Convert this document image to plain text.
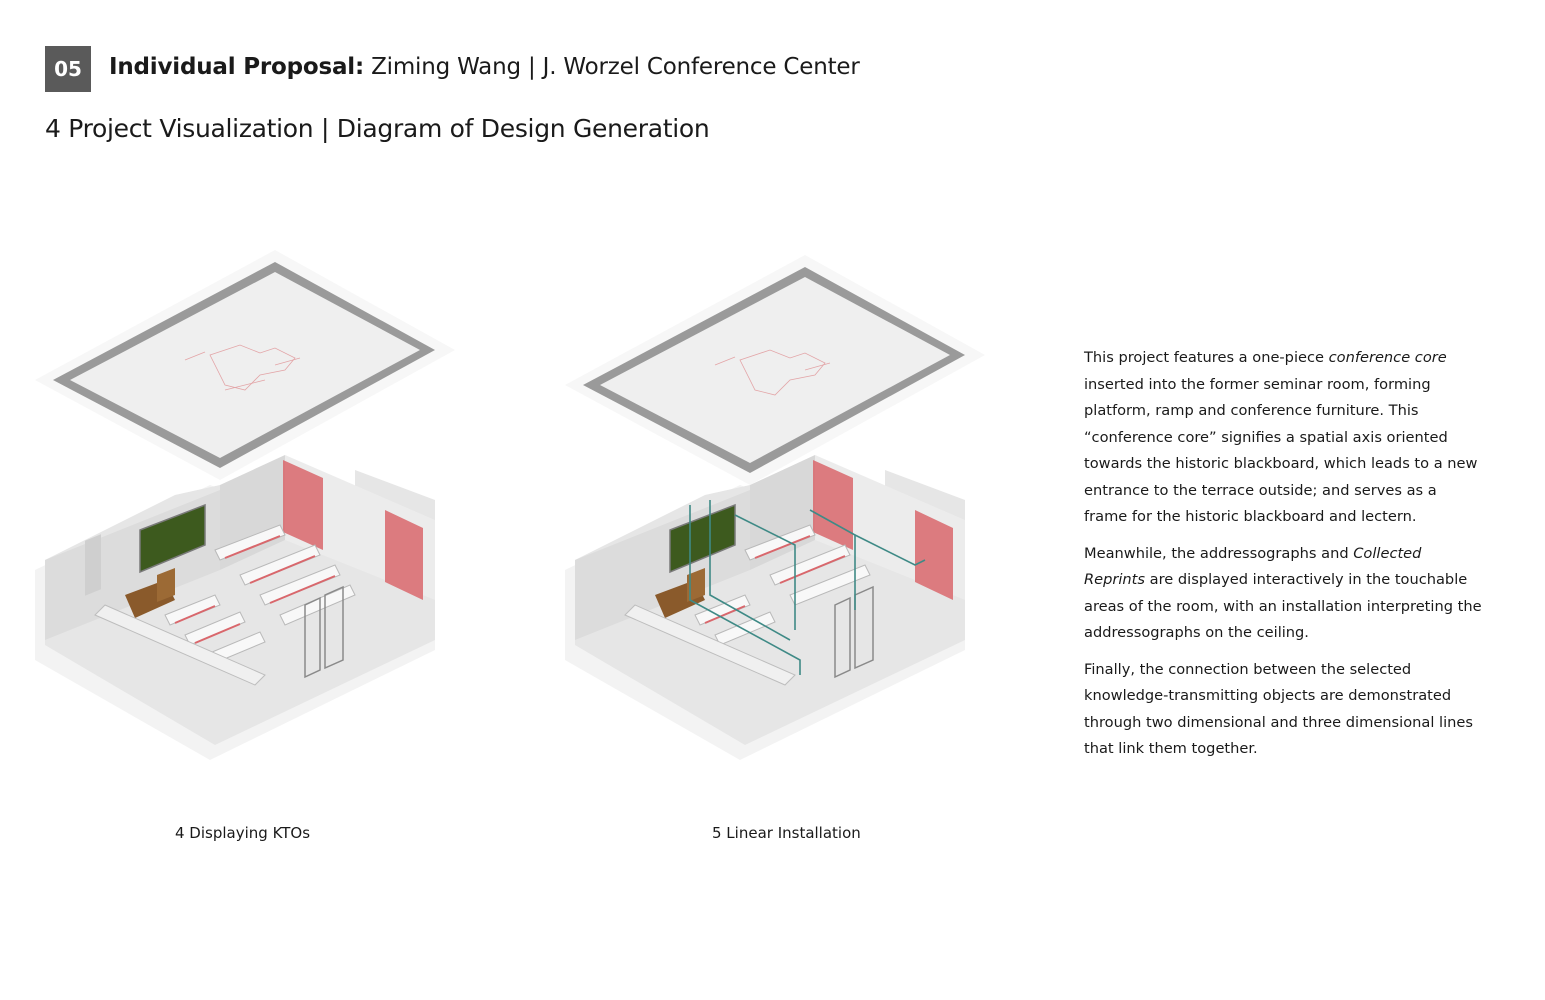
05	Individual Proposal: Ziming Wang | J. Worzel Conference Center
4 Project Visualization | Diagram of Design Generation
4 Displaying KTOs	5 Linear Installation

This project features a one-piece conference core inserted into the former seminar room, forming platform, ramp and conference furniture. This “conference core” signifies a spatial axis oriented towards the historic blackboard, which leads to a new entrance to the terrace outside; and serves as a frame for the historic blackboard and lectern.

Meanwhile, the addressographs and Collected Reprints are displayed interactively in the touchable areas of the room, with an installation interpreting the addressographs on the ceiling.

Finally, the connection between the selected knowledge-transmitting objects are demonstrated through two dimensional and three dimensional lines that link them together.
